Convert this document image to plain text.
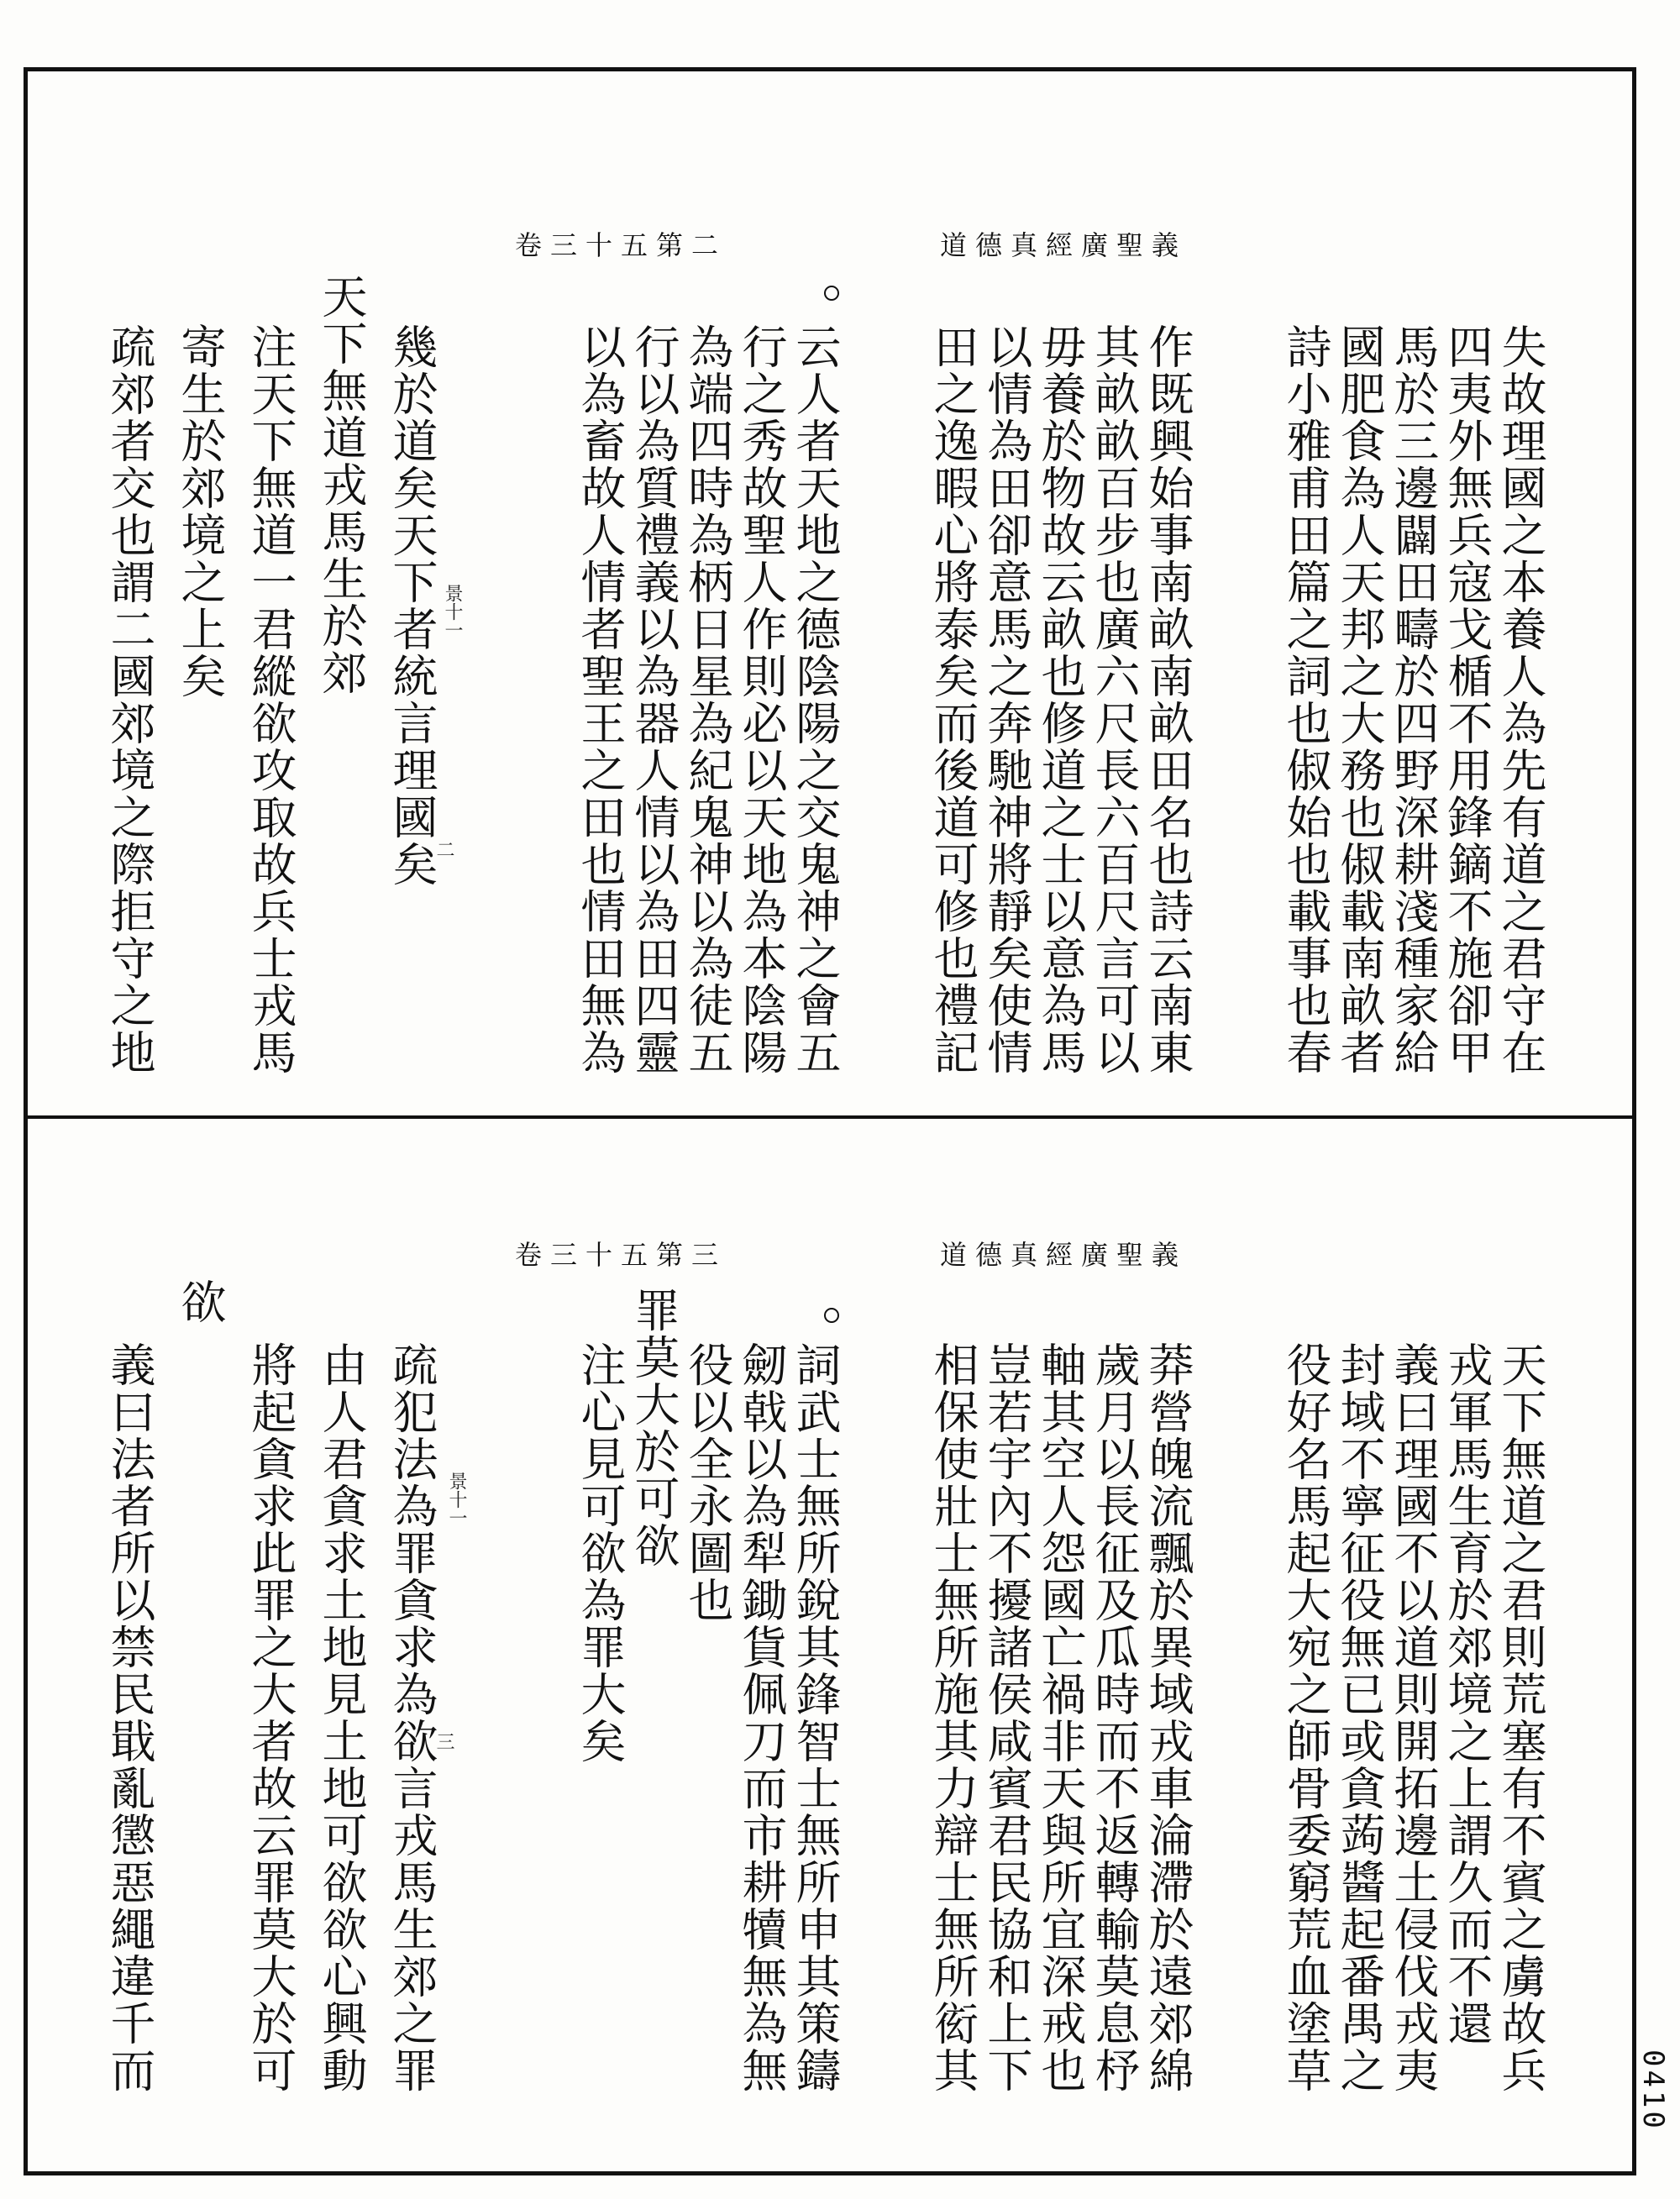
0410
道德真經廣聖義
卷三十五第二
失故理國之本養人為先有道之君守在
四夷外無兵寇戈楯不用鋒鏑不施卻甲
馬於三邊闢田疇於四野深耕淺種家給
國肥食為人天邦之大務也俶載南畝者
詩小雅甫田篇之詞也俶始也載事也春
作既興始事南畝南畝田名也詩云南東
其畝畝百步也廣六尺長六百尺言可以
毋養於物故云畝也修道之士以意為馬
以情為田卻意馬之奔馳神將靜矣使情
田之逸暇心將泰矣而後道可修也禮記
云人者天地之德陰陽之交鬼神之會五
行之秀故聖人作則必以天地為本陰陽
為端四時為柄日星為紀鬼神以為徒五
行以為質禮義以為器人情以為田四靈
以為畜故人情者聖王之田也情田無為
幾於道矣天下者統言理國矣
天下無道戎馬生於郊
注天下無道一君縱欲攻取故兵士戎馬
寄生於郊境之上矣
疏郊者交也謂二國郊境之際拒守之地	景十一
二
道德真經廣聖義
卷三十五第三
天下無道之君則荒塞有不賓之虜故兵
戎軍馬生育於郊境之上謂久而不還
義曰理國不以道則開拓邊土侵伐戎夷
封域不寧征役無已或貪蒟醬起番禺之
役好名馬起大宛之師骨委窮荒血塗草
莽營魄流飄於異域戎車淪滯於遠郊綿
歲月以長征及瓜時而不返轉輸莫息杼
軸其空人怨國亡禍非天與所宜深戒也
豈若宇內不擾諸侯咸賓君民協和上下
相保使壯士無所施其力辯士無所衒其
詞武士無所銳其鋒智士無所申其策鑄
劒戟以為犁鋤貨佩刀而市耕犢無為無
役以全永圖也
罪莫大於可欲
注心見可欲為罪大矣
疏犯法為罪貪求為欲言戎馬生郊之罪
由人君貪求土地見土地可欲欲心興動
將起貪求此罪之大者故云罪莫大於可
欲
義曰法者所以禁民戢亂懲惡繩違千而	景十一
三
